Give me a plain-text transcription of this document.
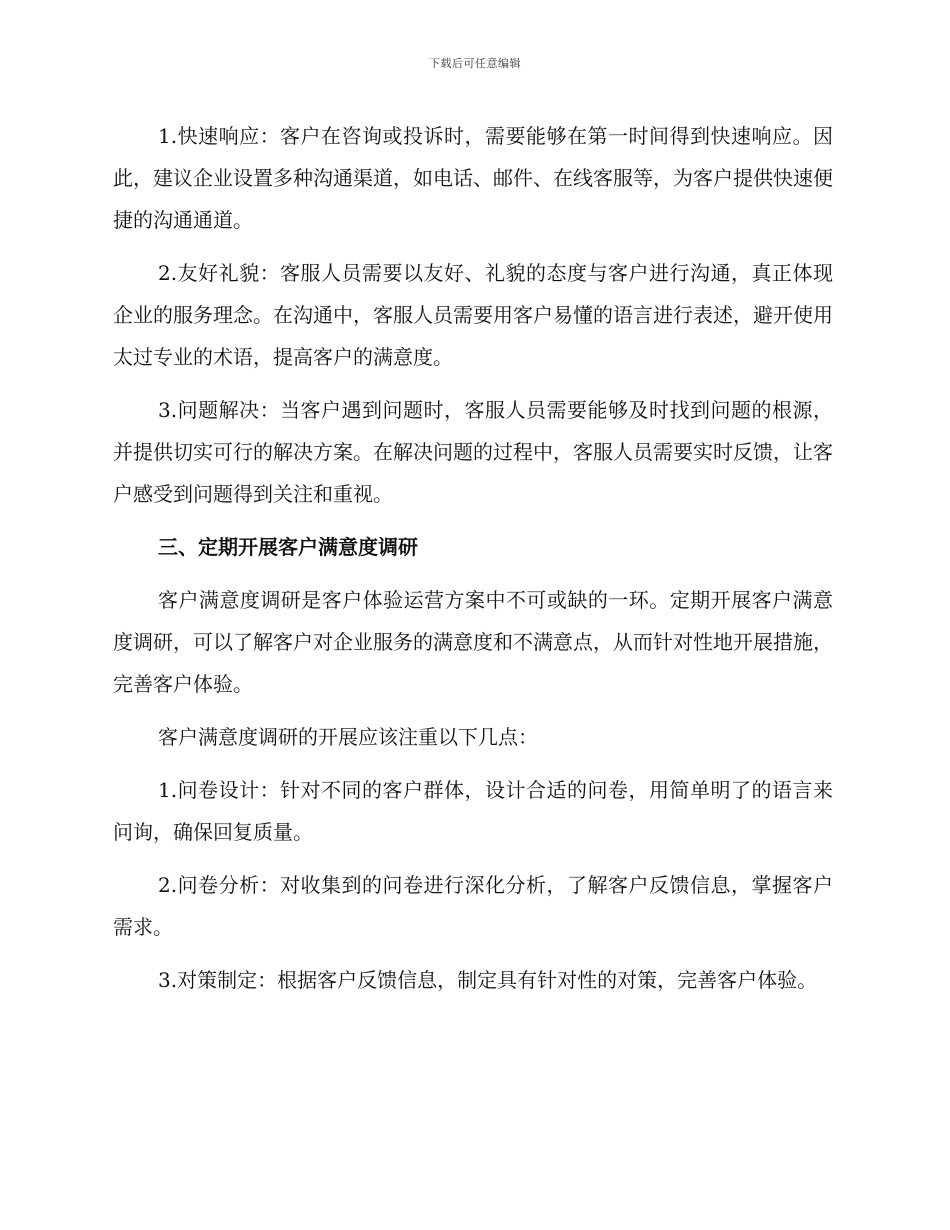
下载后可任意编辑

1.快速响应：客户在咨询或投诉时，需要能够在第一时间得到快速响应。因此，建议企业设置多种沟通渠道，如电话、邮件、在线客服等，为客户提供快速便捷的沟通通道。

2.友好礼貌：客服人员需要以友好、礼貌的态度与客户进行沟通，真正体现企业的服务理念。在沟通中，客服人员需要用客户易懂的语言进行表述，避开使用太过专业的术语，提高客户的满意度。

3.问题解决：当客户遇到问题时，客服人员需要能够及时找到问题的根源，并提供切实可行的解决方案。在解决问题的过程中，客服人员需要实时反馈，让客户感受到问题得到关注和重视。

三、定期开展客户满意度调研

客户满意度调研是客户体验运营方案中不可或缺的一环。定期开展客户满意度调研，可以了解客户对企业服务的满意度和不满意点，从而针对性地开展措施，完善客户体验。

客户满意度调研的开展应该注重以下几点：

1.问卷设计：针对不同的客户群体，设计合适的问卷，用简单明了的语言来问询，确保回复质量。

2.问卷分析：对收集到的问卷进行深化分析，了解客户反馈信息，掌握客户需求。

3.对策制定：根据客户反馈信息，制定具有针对性的对策，完善客户体验。
